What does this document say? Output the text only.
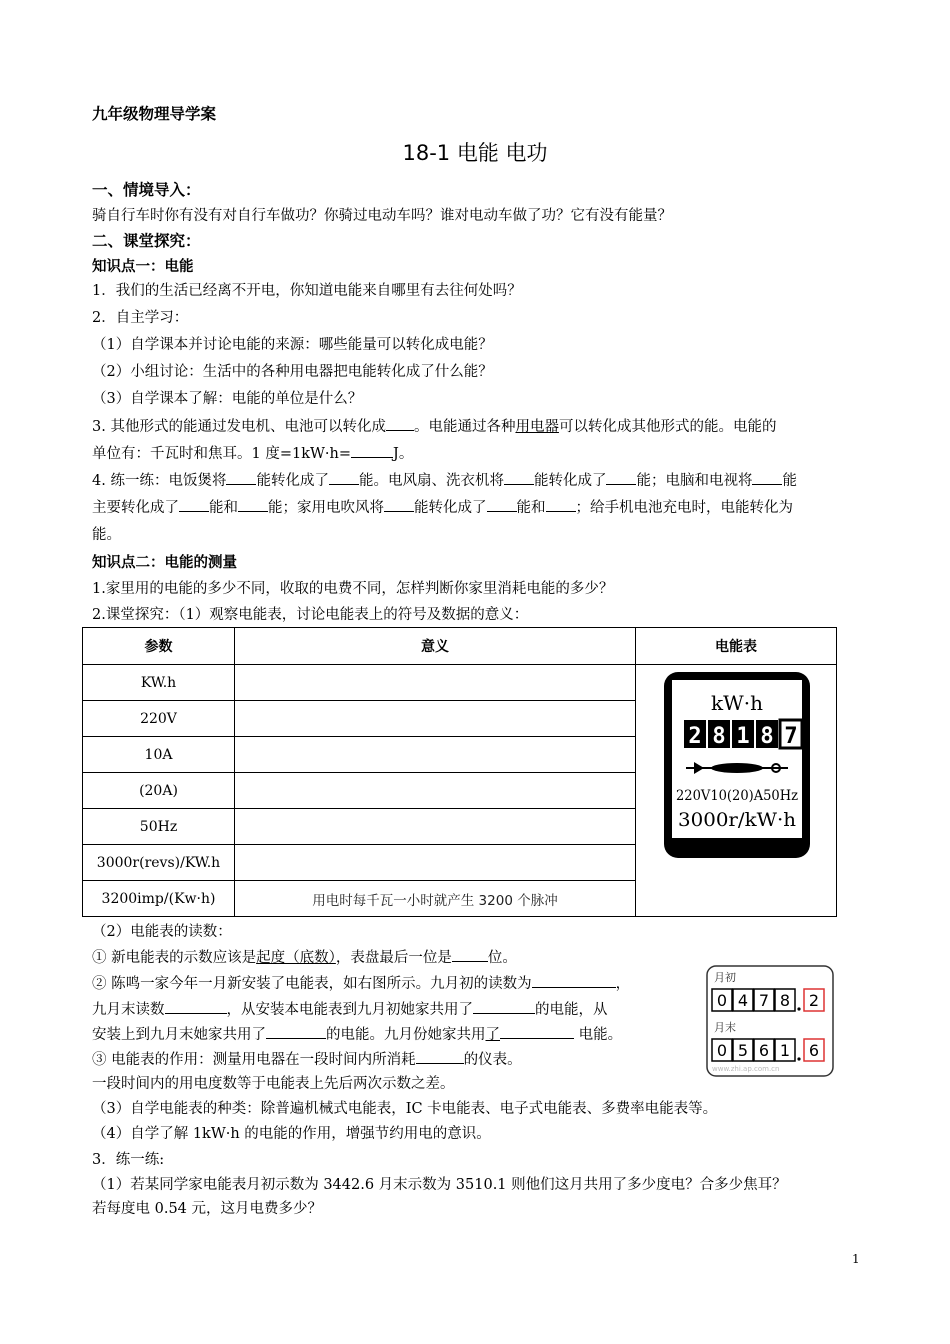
九年级物理导学案
18-1 电能 电功
一、情境导入：
骑自行车时你有没有对自行车做功？你骑过电动车吗？谁对电动车做了功？它有没有能量？
二、课堂探究：
知识点一：电能
1．我们的生活已经离不开电，你知道电能来自哪里有去往何处吗？
2．自主学习：
（1）自学课本并讨论电能的来源：哪些能量可以转化成电能？
（2）小组讨论：生活中的各种用电器把电能转化成了什么能？
（3）自学课本了解：电能的单位是什么？
3. 其他形式的能通过发电机、电池可以转化成 。电能通过各种用电器可以转化成其他形式的能。电能的
单位有：千瓦时和焦耳。1 度=1kW·h=	J。
4. 练一练：电饭煲将 能转化成了 能。电风扇、洗衣机将 能转化成了 能；电脑和电视将 能
主要转化成了 能和 能；家用电吹风将 能转化成了 能和 ；给手机电池充电时，电能转化为
能。
知识点二：电能的测量
1.家里用的电能的多少不同，收取的电费不同，怎样判断你家里消耗电能的多少？
2.课堂探究：（1）观察电能表，讨论电能表上的符号及数据的意义：
参数	意义	电能表
KW.h		
220V		
10A		
(20A)		
50Hz		
3000r(revs)/KW.h		
3200imp/(Kw·h)	用电时每千瓦一小时就产生 3200 个脉冲	
kW·h
2 8 1 8 7
220V10(20)A50Hz
3000r/kW·h
（2）电能表的读数：
① 新电能表的示数应该是起度（底数），表盘最后一位是 位。
② 陈鸣一家今年一月新安装了电能表，如右图所示。九月初的读数为	，
九月末读数	，从安装本电能表到九月初她家共用了	的电能，从
安装上到九月末她家共用了	的电能。九月份她家共用了	电能。
③ 电能表的作用：测量用电器在一段时间内所消耗	的仪表。
一段时间内的用电度数等于电能表上先后两次示数之差。
（3）自学电能表的种类：除普遍机械式电能表，IC 卡电能表、电子式电能表、多费率电能表等。
（4）自学了解 1kW·h 的电能的作用，增强节约用电的意识。
月初
0 4 7 8 2
月末
0 5 6 1 6
www.zhi.ap.com.cn
3．练一练:
（1）若某同学家电能表月初示数为 3442.6 月末示数为 3510.1 则他们这月共用了多少度电？合多少焦耳？
若每度电 0.54 元，这月电费多少？
1
